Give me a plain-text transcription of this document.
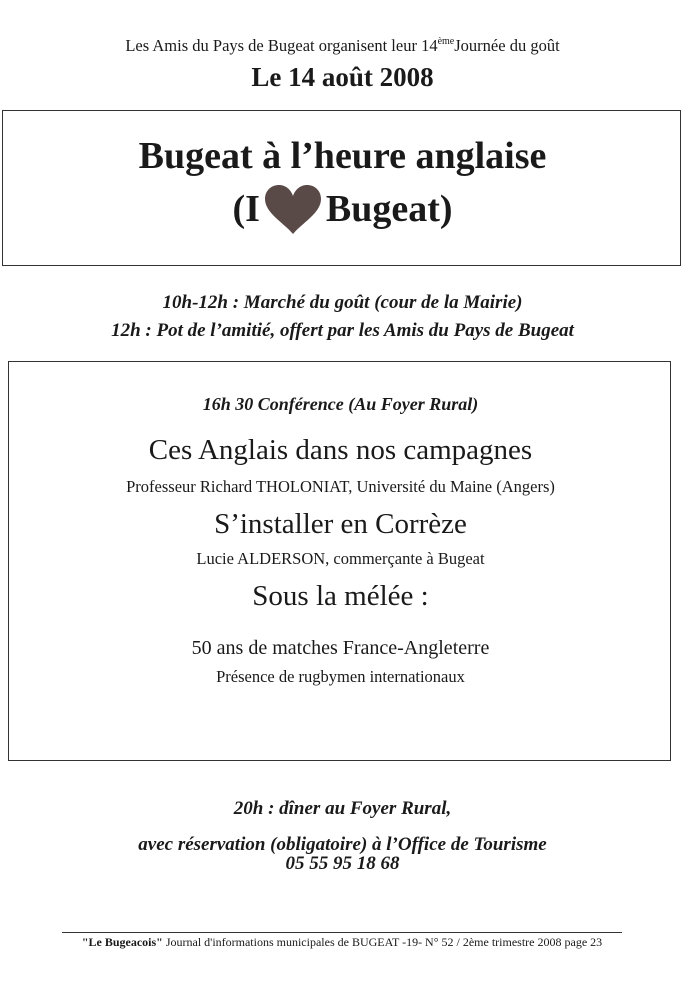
Les Amis du Pays de Bugeat organisent leur 14èmeJournée du goût
Le 14 août 2008
Bugeat à l’heure anglaise
(I Bugeat)
10h-12h : Marché du goût (cour de la Mairie)
12h : Pot de l’amitié, offert par les Amis du Pays de Bugeat
16h 30 Conférence (Au Foyer Rural)
Ces Anglais dans nos campagnes
Professeur Richard THOLONIAT, Université du Maine (Angers)
S’installer en Corrèze
Lucie ALDERSON, commerçante à Bugeat
Sous la mélée :
50 ans de matches France-Angleterre
Présence de rugbymen internationaux
20h : dîner au Foyer Rural,
avec réservation (obligatoire) à l’Office de Tourisme
05 55 95 18 68
"Le Bugeacois" Journal d'informations municipales de BUGEAT -19- N° 52 / 2ème trimestre 2008 page 23
